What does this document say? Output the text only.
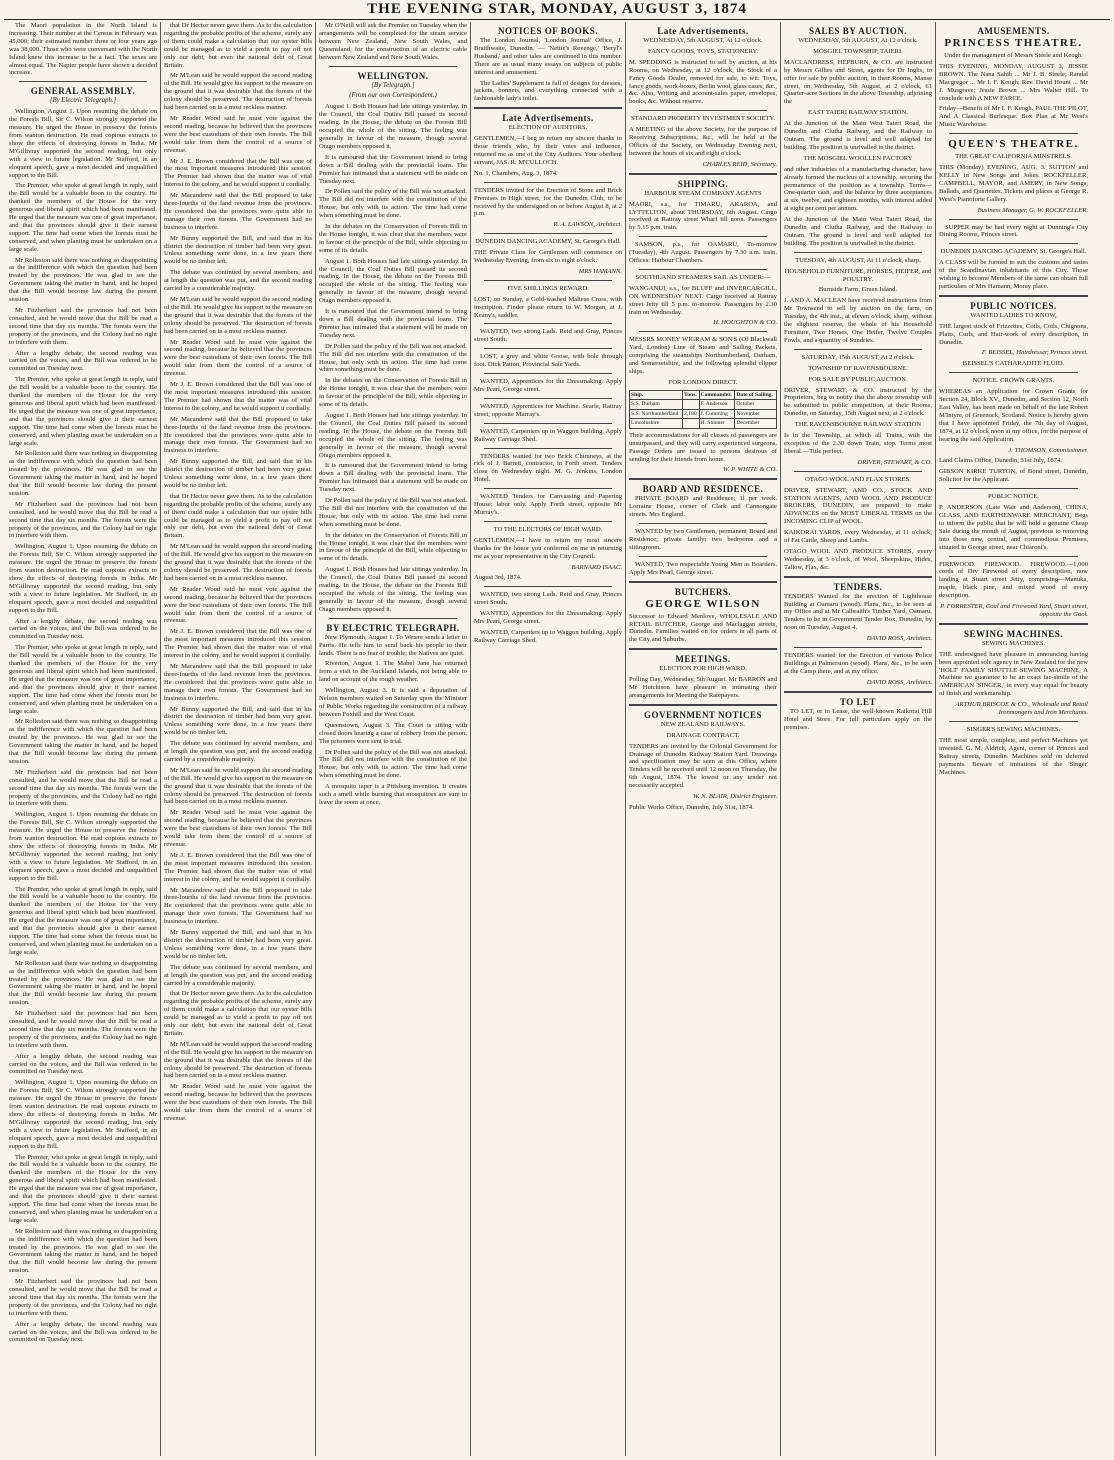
THE EVENING STAR, MONDAY, AUGUST 3, 1874

The Maori population in the North Island is increasing. Their number at the Census in February was 45,000; their estimated number three or four years ago was 38,000. Those who were conversant with the North Island knew this increase to be a fact. The sexes are almost equal. The Napier people have shown a decided increase.

GENERAL ASSEMBLY.
[By Electric Telegraph.]

Wellington, August 1. Upon resuming the debate on the Forests Bill, Sir C. Wilson strongly supported the measure. He urged the House to preserve the forests from wanton destruction. He read copious extracts to show the effects of destroying forests in India. Mr M'Gillivray supported the second reading, but only with a view to future legislation. Mr Stafford, in an eloquent speech, gave a most decided and unqualified support to the Bill.

The Premier, who spoke at great length in reply, said the Bill would be a valuable boon to the country. He thanked the members of the House for the very generous and liberal spirit which had been manifested. He urged that the measure was one of great importance, and that the provinces should give it their earnest support. The time had come when the forests must be conserved, and when planting must be undertaken on a large scale.

Mr Rolleston said there was nothing so disappointing as the indifference with which the question had been treated by the provinces. He was glad to see the Government taking the matter in hand, and he hoped that the Bill would become law during the present session.

Mr Fitzherbert said the provinces had not been consulted, and he would move that the Bill be read a second time that day six months. The forests were the property of the provinces, and the Colony had no right to interfere with them.

After a lengthy debate, the second reading was carried on the voices, and the Bill was ordered to be committed on Tuesday next.

The Premier, who spoke at great length in reply, said the Bill would be a valuable boon to the country. He thanked the members of the House for the very generous and liberal spirit which had been manifested. He urged that the measure was one of great importance, and that the provinces should give it their earnest support. The time had come when the forests must be conserved, and when planting must be undertaken on a large scale.

Mr Rolleston said there was nothing so disappointing as the indifference with which the question had been treated by the provinces. He was glad to see the Government taking the matter in hand, and he hoped that the Bill would become law during the present session.

Mr Fitzherbert said the provinces had not been consulted, and he would move that the Bill be read a second time that day six months. The forests were the property of the provinces, and the Colony had no right to interfere with them.

Wellington, August 1. Upon resuming the debate on the Forests Bill, Sir C. Wilson strongly supported the measure. He urged the House to preserve the forests from wanton destruction. He read copious extracts to show the effects of destroying forests in India. Mr M'Gillivray supported the second reading, but only with a view to future legislation. Mr Stafford, in an eloquent speech, gave a most decided and unqualified support to the Bill.

After a lengthy debate, the second reading was carried on the voices, and the Bill was ordered to be committed on Tuesday next.

The Premier, who spoke at great length in reply, said the Bill would be a valuable boon to the country. He thanked the members of the House for the very generous and liberal spirit which had been manifested. He urged that the measure was one of great importance, and that the provinces should give it their earnest support. The time had come when the forests must be conserved, and when planting must be undertaken on a large scale.

Mr Rolleston said there was nothing so disappointing as the indifference with which the question had been treated by the provinces. He was glad to see the Government taking the matter in hand, and he hoped that the Bill would become law during the present session.

Mr Fitzherbert said the provinces had not been consulted, and he would move that the Bill be read a second time that day six months. The forests were the property of the provinces, and the Colony had no right to interfere with them.

Wellington, August 1. Upon resuming the debate on the Forests Bill, Sir C. Wilson strongly supported the measure. He urged the House to preserve the forests from wanton destruction. He read copious extracts to show the effects of destroying forests in India. Mr M'Gillivray supported the second reading, but only with a view to future legislation. Mr Stafford, in an eloquent speech, gave a most decided and unqualified support to the Bill.

The Premier, who spoke at great length in reply, said the Bill would be a valuable boon to the country. He thanked the members of the House for the very generous and liberal spirit which had been manifested. He urged that the measure was one of great importance, and that the provinces should give it their earnest support. The time had come when the forests must be conserved, and when planting must be undertaken on a large scale.

Mr Rolleston said there was nothing so disappointing as the indifference with which the question had been treated by the provinces. He was glad to see the Government taking the matter in hand, and he hoped that the Bill would become law during the present session.

Mr Fitzherbert said the provinces had not been consulted, and he would move that the Bill be read a second time that day six months. The forests were the property of the provinces, and the Colony had no right to interfere with them.

After a lengthy debate, the second reading was carried on the voices, and the Bill was ordered to be committed on Tuesday next.

Wellington, August 1. Upon resuming the debate on the Forests Bill, Sir C. Wilson strongly supported the measure. He urged the House to preserve the forests from wanton destruction. He read copious extracts to show the effects of destroying forests in India. Mr M'Gillivray supported the second reading, but only with a view to future legislation. Mr Stafford, in an eloquent speech, gave a most decided and unqualified support to the Bill.

The Premier, who spoke at great length in reply, said the Bill would be a valuable boon to the country. He thanked the members of the House for the very generous and liberal spirit which had been manifested. He urged that the measure was one of great importance, and that the provinces should give it their earnest support. The time had come when the forests must be conserved, and when planting must be undertaken on a large scale.

Mr Rolleston said there was nothing so disappointing as the indifference with which the question had been treated by the provinces. He was glad to see the Government taking the matter in hand, and he hoped that the Bill would become law during the present session.

Mr Fitzherbert said the provinces had not been consulted, and he would move that the Bill be read a second time that day six months. The forests were the property of the provinces, and the Colony had no right to interfere with them.

After a lengthy debate, the second reading was carried on the voices, and the Bill was ordered to be committed on Tuesday next.

that Dr Hector never gave them. As to the calculation regarding the probable profits of the scheme, surely any of them could make a calculation that our oyster bills could be managed as to yield a profit to pay off not only our debt, but even the national debt of Great Britain.

Mr M'Lean said he would support the second reading of the Bill. He would give his support to the measure on the ground that it was desirable that the forests of the colony should be preserved. The destruction of forests had been carried on in a most reckless manner.

Mr Reader Wood said he must vote against the second reading, because he believed that the provinces were the best custodians of their own forests. The Bill would take from them the control of a source of revenue.

Mr J. E. Brown considered that the Bill was one of the most important measures introduced this session. The Premier had shown that the matter was of vital interest to the colony, and he would support it cordially.

Mr Macandrew said that the Bill proposed to take three-fourths of the land revenue from the provinces. He considered that the provinces were quite able to manage their own forests. The Government had no business to interfere.

Mr Bunny supported the Bill, and said that in his district the destruction of timber had been very great. Unless something were done, in a few years there would be no timber left.

The debate was continued by several members, and at length the question was put, and the second reading carried by a considerable majority.

Mr M'Lean said he would support the second reading of the Bill. He would give his support to the measure on the ground that it was desirable that the forests of the colony should be preserved. The destruction of forests had been carried on in a most reckless manner.

Mr Reader Wood said he must vote against the second reading, because he believed that the provinces were the best custodians of their own forests. The Bill would take from them the control of a source of revenue.

Mr J. E. Brown considered that the Bill was one of the most important measures introduced this session. The Premier had shown that the matter was of vital interest to the colony, and he would support it cordially.

Mr Macandrew said that the Bill proposed to take three-fourths of the land revenue from the provinces. He considered that the provinces were quite able to manage their own forests. The Government had no business to interfere.

Mr Bunny supported the Bill, and said that in his district the destruction of timber had been very great. Unless something were done, in a few years there would be no timber left.

that Dr Hector never gave them. As to the calculation regarding the probable profits of the scheme, surely any of them could make a calculation that our oyster bills could be managed as to yield a profit to pay off not only our debt, but even the national debt of Great Britain.

Mr M'Lean said he would support the second reading of the Bill. He would give his support to the measure on the ground that it was desirable that the forests of the colony should be preserved. The destruction of forests had been carried on in a most reckless manner.

Mr Reader Wood said he must vote against the second reading, because he believed that the provinces were the best custodians of their own forests. The Bill would take from them the control of a source of revenue.

Mr J. E. Brown considered that the Bill was one of the most important measures introduced this session. The Premier had shown that the matter was of vital interest to the colony, and he would support it cordially.

Mr Macandrew said that the Bill proposed to take three-fourths of the land revenue from the provinces. He considered that the provinces were quite able to manage their own forests. The Government had no business to interfere.

Mr Bunny supported the Bill, and said that in his district the destruction of timber had been very great. Unless something were done, in a few years there would be no timber left.

The debate was continued by several members, and at length the question was put, and the second reading carried by a considerable majority.

Mr M'Lean said he would support the second reading of the Bill. He would give his support to the measure on the ground that it was desirable that the forests of the colony should be preserved. The destruction of forests had been carried on in a most reckless manner.

Mr Reader Wood said he must vote against the second reading, because he believed that the provinces were the best custodians of their own forests. The Bill would take from them the control of a source of revenue.

Mr J. E. Brown considered that the Bill was one of the most important measures introduced this session. The Premier had shown that the matter was of vital interest to the colony, and he would support it cordially.

Mr Macandrew said that the Bill proposed to take three-fourths of the land revenue from the provinces. He considered that the provinces were quite able to manage their own forests. The Government had no business to interfere.

Mr Bunny supported the Bill, and said that in his district the destruction of timber had been very great. Unless something were done, in a few years there would be no timber left.

The debate was continued by several members, and at length the question was put, and the second reading carried by a considerable majority.

that Dr Hector never gave them. As to the calculation regarding the probable profits of the scheme, surely any of them could make a calculation that our oyster bills could be managed as to yield a profit to pay off not only our debt, but even the national debt of Great Britain.

Mr M'Lean said he would support the second reading of the Bill. He would give his support to the measure on the ground that it was desirable that the forests of the colony should be preserved. The destruction of forests had been carried on in a most reckless manner.

Mr Reader Wood said he must vote against the second reading, because he believed that the provinces were the best custodians of their own forests. The Bill would take from them the control of a source of revenue.

Mr O'Neill will ask the Premier on Tuesday when the arrangements will be completed for the steam service between New Zealand, New South Wales, and Queensland, for the construction of an electric cable between New Zealand and New South Wales.

WELLINGTON.
[By Telegraph.]
(From our own Correspondent.)

August 1. Both Houses had late sittings yesterday. In the Council, the Coal Duties Bill passed its second reading. In the House, the debate on the Forests Bill occupied the whole of the sitting. The feeling was generally in favour of the measure, though several Otago members opposed it.

It is rumoured that the Government intend to bring down a Bill dealing with the provincial loans. The Premier has intimated that a statement will be made on Tuesday next.

Dr Pollen said the policy of the Bill was not attacked. The Bill did not interfere with the constitution of the House, but only with its action. The time had come when something must be done.

In the debates on the Conservation of Forests Bill in the House tonight, it was clear that the members were in favour of the principle of the Bill, while objecting to some of its details.

August 1. Both Houses had late sittings yesterday. In the Council, the Coal Duties Bill passed its second reading. In the House, the debate on the Forests Bill occupied the whole of the sitting. The feeling was generally in favour of the measure, though several Otago members opposed it.

It is rumoured that the Government intend to bring down a Bill dealing with the provincial loans. The Premier has intimated that a statement will be made on Tuesday next.

Dr Pollen said the policy of the Bill was not attacked. The Bill did not interfere with the constitution of the House, but only with its action. The time had come when something must be done.

In the debates on the Conservation of Forests Bill in the House tonight, it was clear that the members were in favour of the principle of the Bill, while objecting to some of its details.

August 1. Both Houses had late sittings yesterday. In the Council, the Coal Duties Bill passed its second reading. In the House, the debate on the Forests Bill occupied the whole of the sitting. The feeling was generally in favour of the measure, though several Otago members opposed it.

It is rumoured that the Government intend to bring down a Bill dealing with the provincial loans. The Premier has intimated that a statement will be made on Tuesday next.

Dr Pollen said the policy of the Bill was not attacked. The Bill did not interfere with the constitution of the House, but only with its action. The time had come when something must be done.

In the debates on the Conservation of Forests Bill in the House tonight, it was clear that the members were in favour of the principle of the Bill, while objecting to some of its details.

August 1. Both Houses had late sittings yesterday. In the Council, the Coal Duties Bill passed its second reading. In the House, the debate on the Forests Bill occupied the whole of the sitting. The feeling was generally in favour of the measure, though several Otago members opposed it.

BY ELECTRIC TELEGRAPH.

New Plymouth, August 1. To Wetere sends a letter to Parris. He tells him to send back his people to their lands. There is no fear of trouble; the Natives are quiet.

Riverton, August 1. The Mabel Jane has returned from a visit to the Auckland Islands, not being able to land on account of the rough weather.

Wellington, August 3. It is said a deputation of Nelson members waited on Saturday upon the Minister of Public Works regarding the construction of a railway between Foxhill and the West Coast.

Queenstown, August 3. The Court is sitting with closed doors hearing a case of robbery from the person. The prisoners were sent to trial.

Dr Pollen said the policy of the Bill was not attacked. The Bill did not interfere with the constitution of the House, but only with its action. The time had come when something must be done.

A mosquito taper is a Pittsburg invention. It creates such a smell while burning that mosquitoes are sure to leave the room at once.

NOTICES OF BOOKS.

The London Journal, 'London Journal' Office, J. Braithwaite, Dunedin. — 'Nettie's Revenge,' 'Beryl's Husband,' and other tales are continued in this number. There are as usual many essays on subjects of public interest and amusement.

The Ladies' Supplement is full of designs for dresses, jackets, bonnets, and everything connected with a fashionable lady's toilet.

Late Advertisements.

ELECTION OF AUDITORS.

GENTLEMEN,—I beg to return my sincere thanks to those friends who, by their votes and influence, returned me as one of the City Auditors. Your obedient servant, JAS. R. M'CULLOCH.

No. 1, Chambers, Aug. 3, 1874.

TENDERS invited for the Erection of Stone and Brick Premises in High street, for the Dunedin Club, to be received by the undersigned on or before August 8, at 2 p.m.

R. A. LAWSON, Architect.

DUNEDIN DANCING ACADEMY, St. George's Hall.

THE Private Class for Gentlemen will commence on Wednesday Evening, from six to eight o'clock.

MRS HAMANN.

FIVE SHILLINGS REWARD.

LOST, on Sunday, a Gold-washed Maltese Cross, with inscription. Finder please return to W. Morgan, at J. Keany's, saddler.

WANTED, two strong Lads. Reid and Gray, Princes street South.

LOST, a grey and white Goose, with bole through foot. Dick Patton, Provincial Sale Yards.

WANTED, Apprentices for the Dressmaking. Apply Mrs Pearl, George street.

WANTED, Apprentices for Machine. Searle, Rattray street, opposite Murray's.

WANTED, Carpenters up to Waggon building. Apply Railway Carriage Shed.

TENDERS wanted for two Brick Chimneys, at the rick of J. Barrett, contractor, in Forth street. Tenders close on Wednesday night. M. G. Jenkins, London Hotel.

WANTED Tenders for Canvassing and Papering House; labor only. Apply Forth street, opposite Mr Murray's.

TO THE ELECTORS OF HIGH WARD.

GENTLEMEN,—I have to return my most sincere thanks for the honor you conferred on me in returning me as your representative in the City Council.

BARNARD ISAAC.

August 3rd, 1874.

WANTED, two strong Lads. Reid and Gray, Princes street South.

WANTED, Apprentices for the Dressmaking. Apply Mrs Pearl, George street.

WANTED, Carpenters up to Waggon building. Apply Railway Carriage Shed.

Late Advertisements.

WEDNESDAY, 5th AUGUST, At 12 o'clock.

FANCY GOODS, TOYS, STATIONERY.

M. SPEDDING is instructed to sell by auction, at his Rooms, on Wednesday, at 12 o'clock, the Stock of a Fancy Goods Dealer, removed for sale, to wit: Toys, fancy goods, work-boxes, Berlin wool, glass cases, &c., &c. Also, Writing and account-sales paper, envelopes, books, &c. Without reserve.

STANDARD PROPERTY INVESTMENT SOCIETY.

A MEETING of the above Society, for the purpose of Receiving Subscriptions, &c., will be held at the Offices of the Society, on Wednesday Evening next, between the hours of six and eight o'clock.

CHARLES REID, Secretary.

SHIPPING.

HARBOUR STEAM COMPANY AGENTS

MAORI, s.s., for TIMARU, AKAROA, and LYTTELTON, about THURSDAY, 6th August. Cargo received at Rattray street Wharf till noon. Passengers by 5.15 p.m. train.

SAMSON, p.s., for OAMARU, To-morrow (Tuesday), 4th August. Passengers by 7.30 a.m. train. Offices: Harbour Chambers.

SOUTHLAND STEAMERS SAIL AS UNDER:—

WANGANUI, s.s., for BLUFF and INVERCARGILL, ON WEDNESDAY NEXT. Cargo received at Rattray street Jetty till 5 p.m. to-morrow. Passengers by 2.30 train on Wednesday.

H. HOUGHTON & CO.

MESSRS MONEY WIGRAM & SON'S (Of Blackwall Yard, London) Line of Steam and Sailing Packets, comprising the steamships Northumberland, Durham, and Somersetshire, and the following splendid clipper ships.

FOR LONDON DIRECT.

Ship.	Tons.	Commander.	Date of Sailing.
S.S. Durham		F. Anderson	October
S.S. Northumberland	2,180	J. Cumming	November
Lincolnshire		H. Shinner	December

Their accommodations for all classes of passengers are unsurpassed, and they will carry experienced surgeons. Passage Orders are issued to persons desirous of sending for their friends from home.

W. P. WHITE & CO.

BOARD AND RESIDENCE.

PRIVATE BOARD and Residence; 1l per week. Lorraine House, corner of Clark and Cannongate streets. Mrs England.

WANTED by two Gentlemen, permanent Board and Residence; private family; two bedrooms and a sittingroom.

WANTED, Two respectable Young Men as Boarders. Apply Mrs Pearl, George street.

BUTCHERS.

GEORGE WILSON

Successor to Edward Menlove, WHOLESALE AND RETAIL BUTCHER, George and Maclaggan streets, Dunedin. Families waited on for orders in all parts of the City and Suburbs.

MEETINGS.

ELECTION FOR HIGH WARD.

Polling Day, Wednesday, 5th August. Mr BARRON and Mr Hutchison have pleasure in intimating their arrangements for Meeting the Ratepayers.

GOVERNMENT NOTICES

NEW ZEALAND RAILWAYS.

DRAINAGE CONTRACT.

TENDERS are invited by the Colonial Government for Drainage of Dunedin Railway Station Yard. Drawings and specification may be seen at this Office, where Tenders will be received until 12 noon on Thursday, the 6th August, 1874. The lowest or any tender not necessarily accepted.

W. N. BLAIR, District Engineer.

Public Works Office, Dunedin, July 31st, 1874.

SALES BY AUCTION.

WEDNESDAY, 5th AUGUST, At 12 o'clock.

MOSGIEL TOWNSHIP, TAIERI.

MACLANDRESS, HEPBURN, & CO. are instructed by Messrs Gillies and Street, agents for Dr Inglis, to offer for sale by public auction, in their Rooms, Manse street, on Wednesday, 5th August, at 2 o'clock, 61 Quarter-acre Sections in the above Township, adjoining the

EAST TAIERI RAILWAY STATION.

At the Junction of the Main West Taieri Road, the Dunedin and Clutha Railway, and the Railway to Outram. The ground is level and well adapted for building. The position is unrivalled in the district.

THE MOSGIEL WOOLLEN FACTORY

and other industries of a manufacturing character, have already formed the nucleus of a township, securing the permanence of the position as a township. Terms—One-quarter cash, and the balance by three acceptances at six, twelve, and eighteen months, with interest added at eight per cent per annum.

At the Junction of the Main West Taieri Road, the Dunedin and Clutha Railway, and the Railway to Outram. The ground is level and well adapted for building. The position is unrivalled in the district.

TUESDAY, 4th AUGUST, At 11 o'clock, sharp.

HOUSEHOLD FURNITURE, HORSES, HEIFER, and POULTRY.

Burnside Farm, Green Island.

J. AND A. MACLEAN have received instructions from Mr Townsend to sell by auction on the farm, on Tuesday, the 4th inst., at eleven o'clock, sharp, without the slightest reserve, the whole of his Household Furniture, Two Horses, One Heifer, Twelve Couples Fowls, and a quantity of Sundries.

SATURDAY, 15th AUGUST, At 2 o'clock.

TOWNSHIP OF RAVENSBOURNE.

FOR SALE BY PUBLIC AUCTION.

DRIVER, STEWART, & CO. instructed by the Proprietors, beg to notify that the above township will be submitted to public competition, at their Rooms, Dunedin, on Saturday, 15th August next, at 2 o'clock.

THE RAVENSBOURNE RAILWAY STATION

Is in the Township, at which all Trains, with the exception of the 2.30 down Train, stop. Terms most liberal.—Title perfect.

DRIVER, STEWART, & CO.

OTAGO WOOL AND FLAX STORES.

DRIVER, STEWART, AND CO., STOCK AND STATION AGENTS, AND WOOL AND PRODUCE BROKERS, DUNEDIN, are prepared to make ADVANCES on the MOST LIBERAL TERMS on the INCOMING CLIP of WOOL.

KAIKORAI YARDS, every Wednesday, at 11 o'clock, of Fat Cattle, Sheep and Lambs.

OTAGO WOOL AND PRODUCE STORES, every Wednesday, at 3 o'clock, of Wool, Sheepskins, Hides, Tallow, Flax, &c.

TENDERS.

TENDERS Wanted for the erection of Lighthouse Building at Oamaru (wood). Plans, &c., to be seen at my Office and at Mr Calbraith's Timber Yard, Oamaru. Tenders to be in Government Tender Box, Dunedin, by noon on Tuesday, August 4.

DAVID ROSS, Architect.

TENDERS wanted for the Erection of various Police Buildings at Palmerston (wood). Plans, &c., to be seen at the Camp there, and at my office.

DAVID ROSS, Architect.

TO LET

TO LET, or to Lease, the well-known Kaikorai Hill Hotel and Store. For full particulars apply on the premises.

AMUSEMENTS.

PRINCESS THEATRE.

Under the management of Messrs Steele and Keogh.

THIS EVENING, MONDAY, AUGUST 3, JESSIE BROWN. The Nana Sahib ... Mr J. B. Steele; Randal Macgregor ... Mr I. F. Keogh; Rev. David Hount ... Mr J. Musgrave; Jessie Brown ... Mrs Walter Hill. To conclude with A NEW FARCE.

Friday—Benefit of Mr I. F. Keogh. PAUL THE PILOT, And A Classical Burlesque. Box Plan at Mr West's Music Warehouse.

QUEEN'S THEATRE.

THE GREAT CALIFORNIA MINSTRELS.

THIS (Monday) EVENING, AUG. 3. SUTTON and KELLY in New Songs and Jokes. ROCKFELLER, CAMPBELL, MAYOR, and AMERY, in New Songs, Ballads, and Quartettes. Tickets and places at George R. West's Pianoforte Gallery.

Business Manager, G. W. ROCKFELLER.

SUPPER may be had every night at Dunning's City Dining Rooms, Princes street.

DUNEDIN DANCING ACADEMY, St. George's Hall.

A CLASS will be formed to suit the customs and tastes of the Scandinavian inhabitants of this City. Those wishing to become Members of the same can obtain full particulars of Mrs Hamann, Moray place.

PUBLIC NOTICES.

WANTED LADIES TO KNOW,

THE largest stock of Frizzettes, Coils, Coils, Chignons, Plaits, Curls, and Hair-work of every description, in Dunedin.

F. BEISSEL, Hairdresser, Princes street.

BEISSEL'S CATHARADITE FLUID.

NOTICE. CROWN GRANTS.

WHEREAS an Application for Crown Grants for Section 24, Block XV., Dunedin, and Section 12, North East Valley, has been made on behalf of the late Robert M'Intyre, of Greenock, Scotland. Notice is hereby given that I have appointed Friday, the 7th day of August, 1874, at 12 o'clock noon at my office, for the purpose of hearing the said Application.

J. THOMSON, Commissioner.

Land Claims Office, Dunedin, 31st July, 1874.

GIBSON KIRKE TURTON, of Bond street, Dunedin, Solicitor for the Applicant.

PUBLIC NOTICE.

P. ANDERSON (Late Wair and Anderson), CHINA, GLASS, AND EARTHENWARE MERCHANT, Begs to inform the public that he will hold a genuine Cheap Sale during the month of August, previous to removing into those new, central, and commodious Premises, situated in George street, near Chiaroni's.

FIREWOOD. FIREWOOD. FIREWOOD.—1,000 cords of Dry Firewood of every description, now landing at Stuart street Jetty, comprising—Manuka, maple, black pine, and mixed wood of every description.

P. FORRESTER, Coal and Firewood Yard, Stuart street, opposite the Gaol.

SEWING MACHINES.

SEWING MACHINES.

THE undersigned have pleasure in announcing having been appointed sole agency in New Zealand for the new 'HOLT' FAMILY SHUTTLE SEWING MACHINE, A Machine we guarantee to be an exact fac-simile of the AMERICAN 'SINGER,' in every way equal for beauty of finish and workmanship.

ARTHUR BRISCOE & CO., Wholesale and Retail Ironmongers and Iron Merchants.

SINGER'S SEWING MACHINES.

THE most simple, complete, and perfect Machines yet invented. G. M. Aldrich, Agent, corner of Princes and Rattray streets, Dunedin. Machines sold on deferred payments. Beware of imitations of the 'Singer' Machines.
